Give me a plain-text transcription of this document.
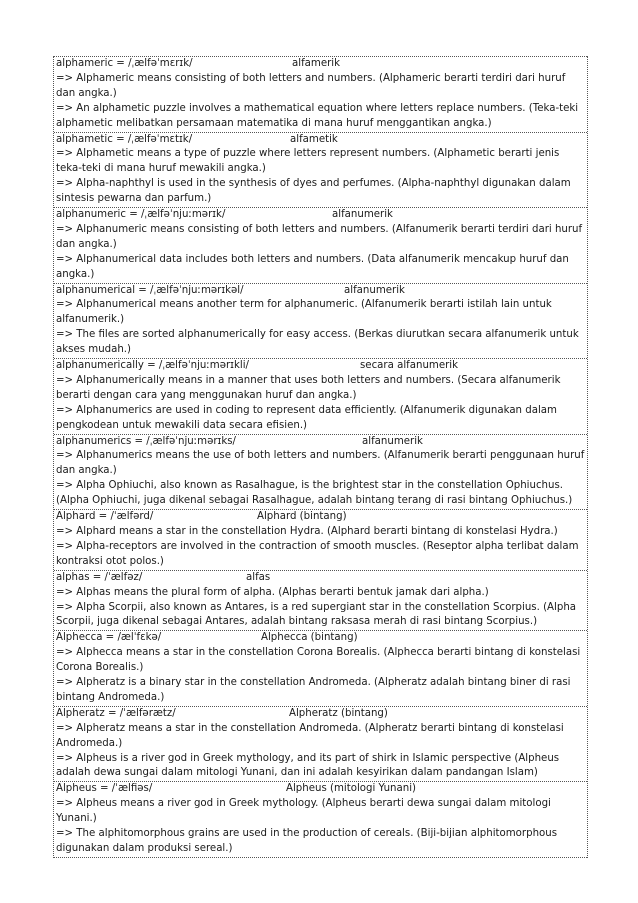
alphameric = /ˌælfəˈmɛrɪk/	alfamerik
=> Alphameric means consisting of both letters and numbers. (Alphameric berarti terdiri dari huruf dan angka.)
=> An alphametic puzzle involves a mathematical equation where letters replace numbers. (Teka-teki alphametic melibatkan persamaan matematika di mana huruf menggantikan angka.)
alphametic = /ˌælfəˈmɛtɪk/	alfametik
=> Alphametic means a type of puzzle where letters represent numbers. (Alphametic berarti jenis teka-teki di mana huruf mewakili angka.)
=> Alpha-naphthyl is used in the synthesis of dyes and perfumes. (Alpha-naphthyl digunakan dalam sintesis pewarna dan parfum.)
alphanumeric = /ˌælfəˈnjuːmərɪk/	alfanumerik
=> Alphanumeric means consisting of both letters and numbers. (Alfanumerik berarti terdiri dari huruf dan angka.)
=> Alphanumerical data includes both letters and numbers. (Data alfanumerik mencakup huruf dan angka.)
alphanumerical = /ˌælfəˈnjuːmərɪkəl/	alfanumerik
=> Alphanumerical means another term for alphanumeric. (Alfanumerik berarti istilah lain untuk alfanumerik.)
=> The files are sorted alphanumerically for easy access. (Berkas diurutkan secara alfanumerik untuk akses mudah.)
alphanumerically = /ˌælfəˈnjuːmərɪkli/	secara alfanumerik
=> Alphanumerically means in a manner that uses both letters and numbers. (Secara alfanumerik berarti dengan cara yang menggunakan huruf dan angka.)
=> Alphanumerics are used in coding to represent data efficiently. (Alfanumerik digunakan dalam pengkodean untuk mewakili data secara efisien.)
alphanumerics = /ˌælfəˈnjuːmərɪks/	alfanumerik
=> Alphanumerics means the use of both letters and numbers. (Alfanumerik berarti penggunaan huruf dan angka.)
=> Alpha Ophiuchi, also known as Rasalhague, is the brightest star in the constellation Ophiuchus. (Alpha Ophiuchi, juga dikenal sebagai Rasalhague, adalah bintang terang di rasi bintang Ophiuchus.)
Alphard = /ˈælfərd/	Alphard (bintang)
=> Alphard means a star in the constellation Hydra. (Alphard berarti bintang di konstelasi Hydra.)
=> Alpha-receptors are involved in the contraction of smooth muscles. (Reseptor alpha terlibat dalam kontraksi otot polos.)
alphas = /ˈælfəz/	alfas
=> Alphas means the plural form of alpha. (Alphas berarti bentuk jamak dari alpha.)
=> Alpha Scorpii, also known as Antares, is a red supergiant star in the constellation Scorpius. (Alpha Scorpii, juga dikenal sebagai Antares, adalah bintang raksasa merah di rasi bintang Scorpius.)
Alphecca = /ælˈfɛkə/	Alphecca (bintang)
=> Alphecca means a star in the constellation Corona Borealis. (Alphecca berarti bintang di konstelasi Corona Borealis.)
=> Alpheratz is a binary star in the constellation Andromeda. (Alpheratz adalah bintang biner di rasi bintang Andromeda.)
Alpheratz = /ˈælfərætz/	Alpheratz (bintang)
=> Alpheratz means a star in the constellation Andromeda. (Alpheratz berarti bintang di konstelasi Andromeda.)
=> Alpheus is a river god in Greek mythology, and its part of shirk in Islamic perspective (Alpheus adalah dewa sungai dalam mitologi Yunani, dan ini adalah kesyirikan dalam pandangan Islam)
Alpheus = /ˈælfiəs/	Alpheus (mitologi Yunani)
=> Alpheus means a river god in Greek mythology. (Alpheus berarti dewa sungai dalam mitologi Yunani.)
=> The alphitomorphous grains are used in the production of cereals. (Biji-bijian alphitomorphous digunakan dalam produksi sereal.)
